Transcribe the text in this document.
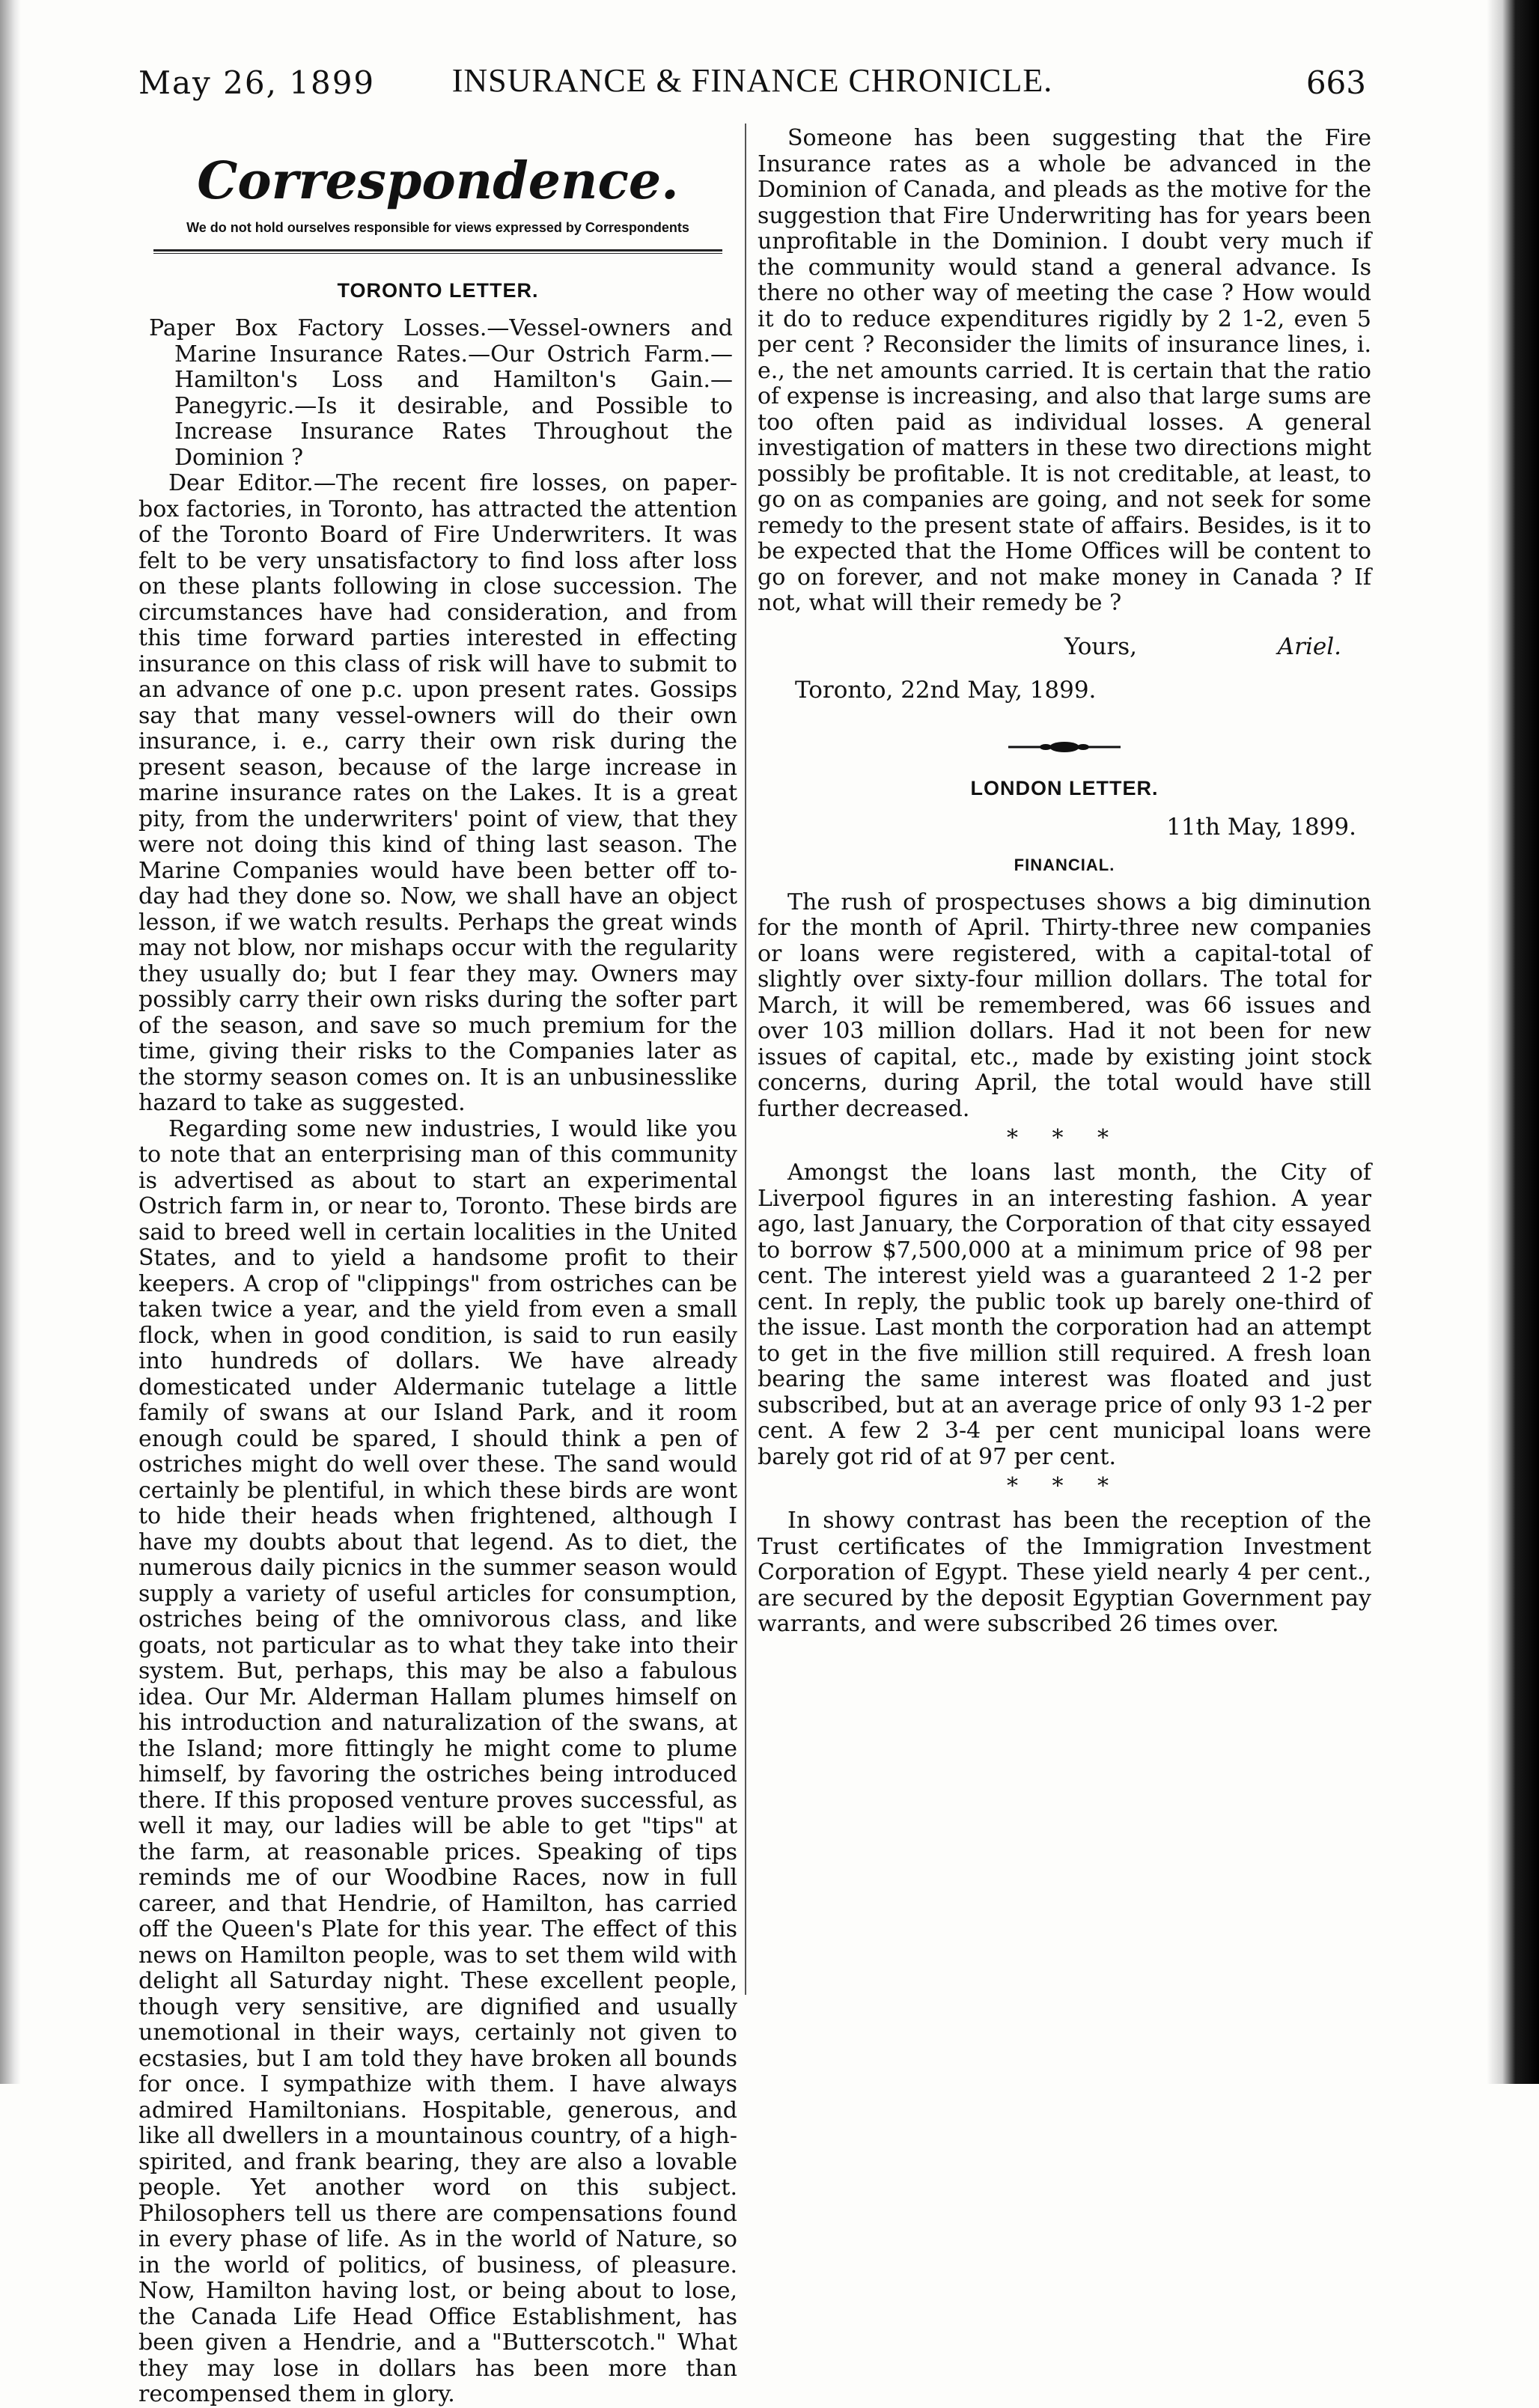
May 26, 1899	INSURANCE & FINANCE CHRONICLE.	663
Correspondence.
We do not hold ourselves responsible for views expressed by Correspondents
TORONTO LETTER.
Paper Box Factory Losses.—Vessel-owners and Marine Insurance Rates.—Our Ostrich Farm.—Hamilton's Loss and Hamilton's Gain.—Panegyric.—Is it desirable, and Possible to Increase Insurance Rates Throughout the Dominion ?

Dear Editor.—The recent fire losses, on paper-box factories, in Toronto, has attracted the attention of the Toronto Board of Fire Underwriters. It was felt to be very unsatisfactory to find loss after loss on these plants following in close succession. The circumstances have had consideration, and from this time forward parties interested in effecting insurance on this class of risk will have to submit to an advance of one p.c. upon present rates. Gossips say that many vessel-owners will do their own insurance, i. e., carry their own risk during the present season, because of the large increase in marine insurance rates on the Lakes. It is a great pity, from the underwriters' point of view, that they were not doing this kind of thing last season. The Marine Companies would have been better off to-day had they done so. Now, we shall have an object lesson, if we watch results. Perhaps the great winds may not blow, nor mishaps occur with the regularity they usually do; but I fear they may. Owners may possibly carry their own risks during the softer part of the season, and save so much premium for the time, giving their risks to the Companies later as the stormy season comes on. It is an unbusinesslike hazard to take as suggested.

Regarding some new industries, I would like you to note that an enterprising man of this community is advertised as about to start an experimental Ostrich farm in, or near to, Toronto. These birds are said to breed well in certain localities in the United States, and to yield a handsome profit to their keepers. A crop of "clippings" from ostriches can be taken twice a year, and the yield from even a small flock, when in good condition, is said to run easily into hundreds of dollars. We have already domesticated under Aldermanic tutelage a little family of swans at our Island Park, and it room enough could be spared, I should think a pen of ostriches might do well over these. The sand would certainly be plentiful, in which these birds are wont to hide their heads when frightened, although I have my doubts about that legend. As to diet, the numerous daily picnics in the summer season would supply a variety of useful articles for consumption, ostriches being of the omnivorous class, and like goats, not particular as to what they take into their system. But, perhaps, this may be also a fabulous idea. Our Mr. Alderman Hallam plumes himself on his introduction and naturalization of the swans, at the Island; more fittingly he might come to plume himself, by favoring the ostriches being introduced there. If this proposed venture proves successful, as well it may, our ladies will be able to get "tips" at the farm, at reasonable prices. Speaking of tips reminds me of our Woodbine Races, now in full career, and that Hendrie, of Hamilton, has carried off the Queen's Plate for this year. The effect of this news on Hamilton people, was to set them wild with delight all Saturday night. These excellent people, though very sensitive, are dignified and usually unemotional in their ways, certainly not given to ecstasies, but I am told they have broken all bounds for once. I sympathize with them. I have always admired Hamiltonians. Hospitable, generous, and like all dwellers in a mountainous country, of a high-spirited, and frank bearing, they are also a lovable people. Yet another word on this subject. Philosophers tell us there are compensations found in every phase of life. As in the world of Nature, so in the world of politics, of business, of pleasure. Now, Hamilton having lost, or being about to lose, the Canada Life Head Office Establishment, has been given a Hendrie, and a "Butterscotch." What they may lose in dollars has been more than recompensed them in glory.

Someone has been suggesting that the Fire Insurance rates as a whole be advanced in the Dominion of Canada, and pleads as the motive for the suggestion that Fire Underwriting has for years been unprofitable in the Dominion. I doubt very much if the community would stand a general advance. Is there no other way of meeting the case ? How would it do to reduce expenditures rigidly by 2 1-2, even 5 per cent ? Reconsider the limits of insurance lines, i. e., the net amounts carried. It is certain that the ratio of expense is increasing, and also that large sums are too often paid as individual losses. A general investigation of matters in these two directions might possibly be profitable. It is not creditable, at least, to go on as companies are going, and not seek for some remedy to the present state of affairs. Besides, is it to be expected that the Home Offices will be content to go on forever, and not make money in Canada ? If not, what will their remedy be ?

Yours,	Ariel.
Toronto, 22nd May, 1899.
LONDON LETTER.
11th May, 1899.
FINANCIAL.

The rush of prospectuses shows a big diminution for the month of April. Thirty-three new companies or loans were registered, with a capital-total of slightly over sixty-four million dollars. The total for March, it will be remembered, was 66 issues and over 103 million dollars. Had it not been for new issues of capital, etc., made by existing joint stock concerns, during April, the total would have still further decreased.

* * *

Amongst the loans last month, the City of Liverpool figures in an interesting fashion. A year ago, last January, the Corporation of that city essayed to borrow $7,500,000 at a minimum price of 98 per cent. The interest yield was a guaranteed 2 1-2 per cent. In reply, the public took up barely one-third of the issue. Last month the corporation had an attempt to get in the five million still required. A fresh loan bearing the same interest was floated and just subscribed, but at an average price of only 93 1-2 per cent. A few 2 3-4 per cent municipal loans were barely got rid of at 97 per cent.

* * *

In showy contrast has been the reception of the Trust certificates of the Immigration Investment Corporation of Egypt. These yield nearly 4 per cent., are secured by the deposit Egyptian Government pay warrants, and were subscribed 26 times over.
